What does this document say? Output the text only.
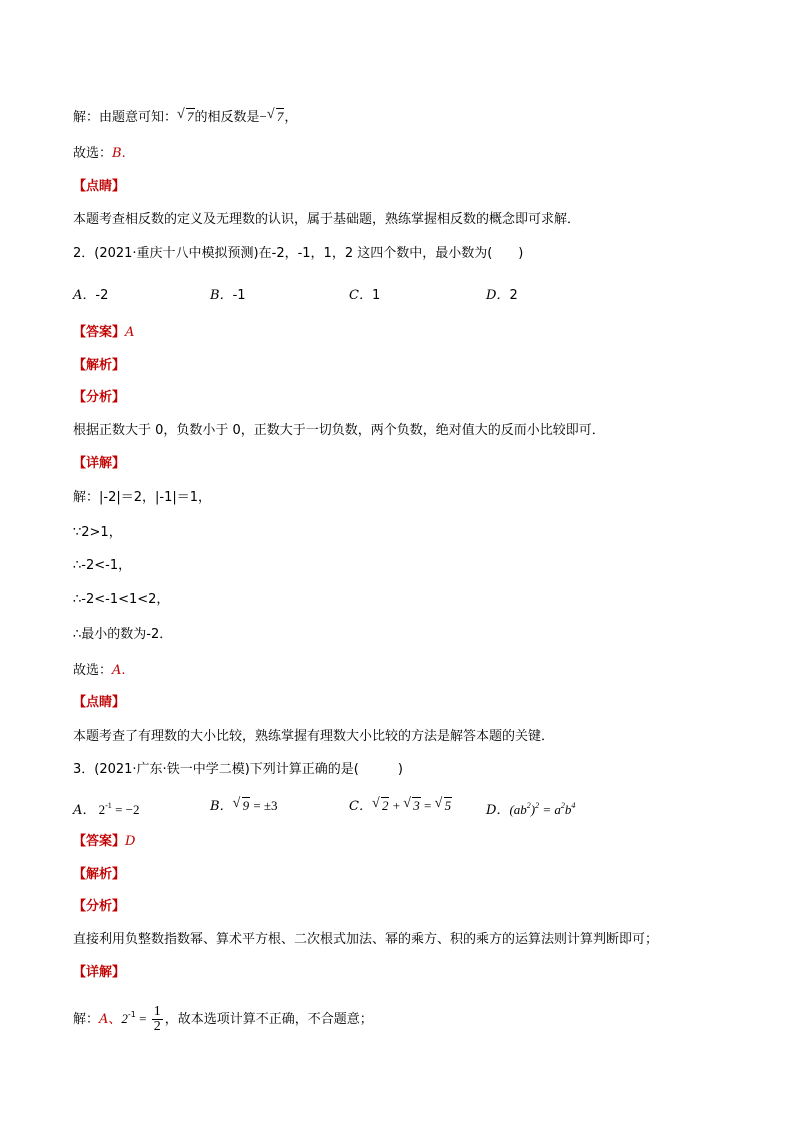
解：由题意可知： √ 7的相反数是− √ 7，
故选：B.
【点睛】
本题考查相反数的定义及无理数的认识，属于基础题，熟练掌握相反数的概念即可求解．
2．(2021·重庆十八中模拟预测)在-2，-1，1，2 这四个数中，最小数为(　　)
A．-2	B．-1	C．1	D．2
【答案】A
【解析】
【分析】
根据正数大于 0，负数小于 0，正数大于一切负数，两个负数，绝对值大的反而小比较即可．
【详解】
解：|-2|＝2，|-1|＝1，
∵2>1，
∴-2<-1，
∴-2<-1<1<2，
∴最小的数为-2．
故选：A.
【点睛】
本题考查了有理数的大小比较，熟练掌握有理数大小比较的方法是解答本题的关键．
3．(2021·广东·铁一中学二模)下列计算正确的是(　　　)
A． $2^{-1} = -2$	B． √ 9 = ±3	C． √ 2 + √ 3 = √ 5	D．$(ab^2)^2 = a^2b^4$
【答案】D
【解析】
【分析】
直接利用负整数指数幂、算术平方根、二次根式加法、幂的乘方、积的乘方的运算法则计算判断即可；
【详解】
解：A、$2^{-1} = \frac{1}{2}$ ，故本选项计算不正确，不合题意；
